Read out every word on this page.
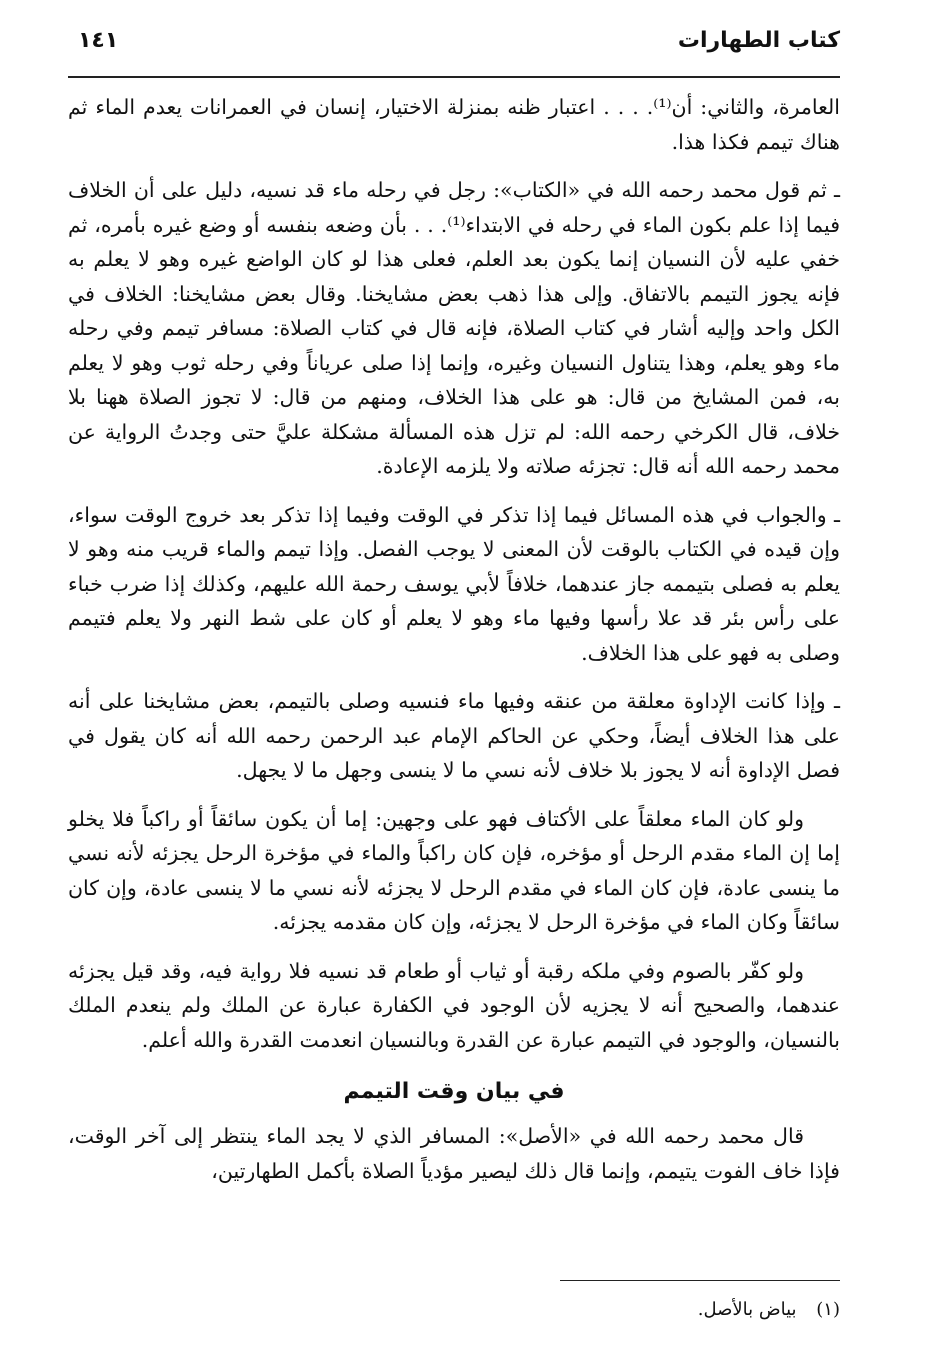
كتاب الطهارات
١٤١

العامرة، والثاني: أن⁽¹⁾. . . . اعتبار ظنه بمنزلة الاختيار، إنسان في العمرانات يعدم الماء ثم هناك تيمم فكذا هذا.

ـ ثم قول محمد رحمه الله في «الكتاب»: رجل في رحله ماء قد نسيه، دليل على أن الخلاف فيما إذا علم بكون الماء في رحله في الابتداء⁽¹⁾. . . بأن وضعه بنفسه أو وضع غيره بأمره، ثم خفي عليه لأن النسيان إنما يكون بعد العلم، فعلى هذا لو كان الواضع غيره وهو لا يعلم به فإنه يجوز التيمم بالاتفاق. وإلى هذا ذهب بعض مشايخنا. وقال بعض مشايخنا: الخلاف في الكل واحد وإليه أشار في كتاب الصلاة، فإنه قال في كتاب الصلاة: مسافر تيمم وفي رحله ماء وهو يعلم، وهذا يتناول النسيان وغيره، وإنما إذا صلى عرياناً وفي رحله ثوب وهو لا يعلم به، فمن المشايخ من قال: هو على هذا الخلاف، ومنهم من قال: لا تجوز الصلاة ههنا بلا خلاف، قال الكرخي رحمه الله: لم تزل هذه المسألة مشكلة عليَّ حتى وجدتُ الرواية عن محمد رحمه الله أنه قال: تجزئه صلاته ولا يلزمه الإعادة.

ـ والجواب في هذه المسائل فيما إذا تذكر في الوقت وفيما إذا تذكر بعد خروج الوقت سواء، وإن قيده في الكتاب بالوقت لأن المعنى لا يوجب الفصل. وإذا تيمم والماء قريب منه وهو لا يعلم به فصلى بتيممه جاز عندهما، خلافاً لأبي يوسف رحمة الله عليهم، وكذلك إذا ضرب خباء على رأس بئر قد علا رأسها وفيها ماء وهو لا يعلم أو كان على شط النهر ولا يعلم فتيمم وصلى به فهو على هذا الخلاف.

ـ وإذا كانت الإداوة معلقة من عنقه وفيها ماء فنسيه وصلى بالتيمم، بعض مشايخنا على أنه على هذا الخلاف أيضاً، وحكي عن الحاكم الإمام عبد الرحمن رحمه الله أنه كان يقول في فصل الإداوة أنه لا يجوز بلا خلاف لأنه نسي ما لا ينسى وجهل ما لا يجهل.

ولو كان الماء معلقاً على الأكتاف فهو على وجهين: إما أن يكون سائقاً أو راكباً فلا يخلو إما إن الماء مقدم الرحل أو مؤخره، فإن كان راكباً والماء في مؤخرة الرحل يجزئه لأنه نسي ما ينسى عادة، فإن كان الماء في مقدم الرحل لا يجزئه لأنه نسي ما لا ينسى عادة، وإن كان سائقاً وكان الماء في مؤخرة الرحل لا يجزئه، وإن كان مقدمه يجزئه.

ولو كفّر بالصوم وفي ملكه رقبة أو ثياب أو طعام قد نسيه فلا رواية فيه، وقد قيل يجزئه عندهما، والصحيح أنه لا يجزيه لأن الوجود في الكفارة عبارة عن الملك ولم ينعدم الملك بالنسيان، والوجود في التيمم عبارة عن القدرة وبالنسيان انعدمت القدرة والله أعلم.

في بيان وقت التيمم

قال محمد رحمه الله في «الأصل»: المسافر الذي لا يجد الماء ينتظر إلى آخر الوقت، فإذا خاف الفوت يتيمم، وإنما قال ذلك ليصير مؤدياً الصلاة بأكمل الطهارتين،

(١) بياض بالأصل.
